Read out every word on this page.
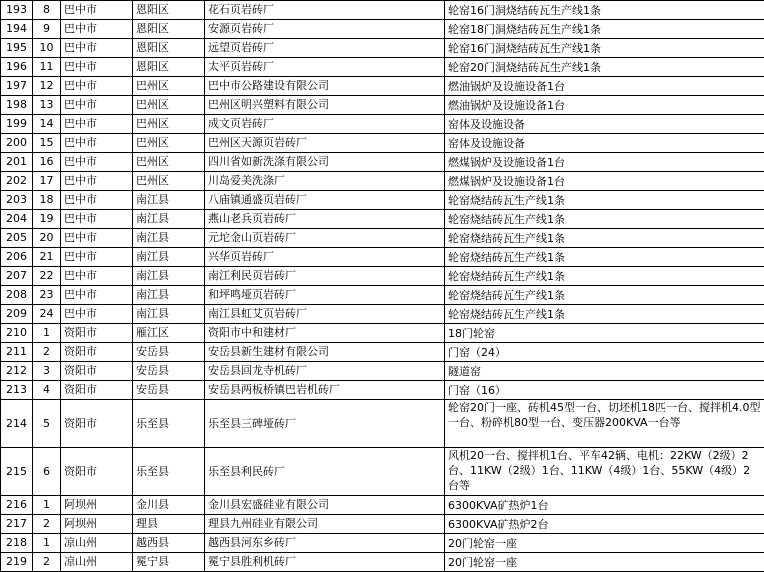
193	8	巴中市	恩阳区	花石页岩砖厂	轮窑16门洞烧结砖瓦生产线1条
194	9	巴中市	恩阳区	安源页岩砖厂	轮窑18门洞烧结砖瓦生产线1条
195	10	巴中市	恩阳区	远望页岩砖厂	轮窑16门洞烧结砖瓦生产线1条
196	11	巴中市	恩阳区	太平页岩砖厂	轮窑20门洞烧结砖瓦生产线1条
197	12	巴中市	巴州区	巴中市公路建设有限公司	燃油锅炉及设施设备1台
198	13	巴中市	巴州区	巴州区明兴塑料有限公司	燃油锅炉及设施设备1台
199	14	巴中市	巴州区	成文页岩砖厂	窑体及设施设备
200	15	巴中市	巴州区	巴州区天源页岩砖厂	窑体及设施设备
201	16	巴中市	巴州区	四川省如新洗涤有限公司	燃煤锅炉及设施设备1台
202	17	巴中市	巴州区	川岛爱美洗涤厂	燃煤锅炉及设施设备1台
203	18	巴中市	南江县	八庙镇通盛页岩砖厂	轮窑烧结砖瓦生产线1条
204	19	巴中市	南江县	燕山老兵页岩砖厂	轮窑烧结砖瓦生产线1条
205	20	巴中市	南江县	元坨金山页岩砖厂	轮窑烧结砖瓦生产线1条
206	21	巴中市	南江县	兴华页岩砖厂	轮窑烧结砖瓦生产线1条
207	22	巴中市	南江县	南江利民页岩砖厂	轮窑烧结砖瓦生产线1条
208	23	巴中市	南江县	和坪鸣垭页岩砖厂	轮窑烧结砖瓦生产线1条
209	24	巴中市	南江县	南江县虹艾页岩砖厂	轮窑烧结砖瓦生产线1条
210	1	资阳市	雁江区	资阳市中和建材厂	18门轮窑
211	2	资阳市	安岳县	安岳县新生建材有限公司	门窑（24）
212	3	资阳市	安岳县	安岳县回龙寺机砖厂	隧道窑
213	4	资阳市	安岳县	安岳县两板桥镇巴岩机砖厂	门窑（16）
214	5	资阳市	乐至县	乐至县三碑垭砖厂	轮窑20门一座、砖机45型一台、切坯机18匹一台、搅拌机4.0型一台、粉碎机80型一台、变压器200KVA一台等
215	6	资阳市	乐至县	乐至县利民砖厂	风机20一台、搅拌机1台、平车42辆、电机：22KW（2级）2台、11KW（2级）1台、11KW（4级）1台、55KW（4级）2台等
216	1	阿坝州	金川县	金川县宏盛硅业有限公司	6300KVA矿热炉1台
217	2	阿坝州	理县	理县九州硅业有限公司	6300KVA矿热炉2台
218	1	凉山州	越西县	越西县河东乡砖厂	20门轮窑一座
219	2	凉山州	冕宁县	冕宁县胜利机砖厂	20门轮窑一座
